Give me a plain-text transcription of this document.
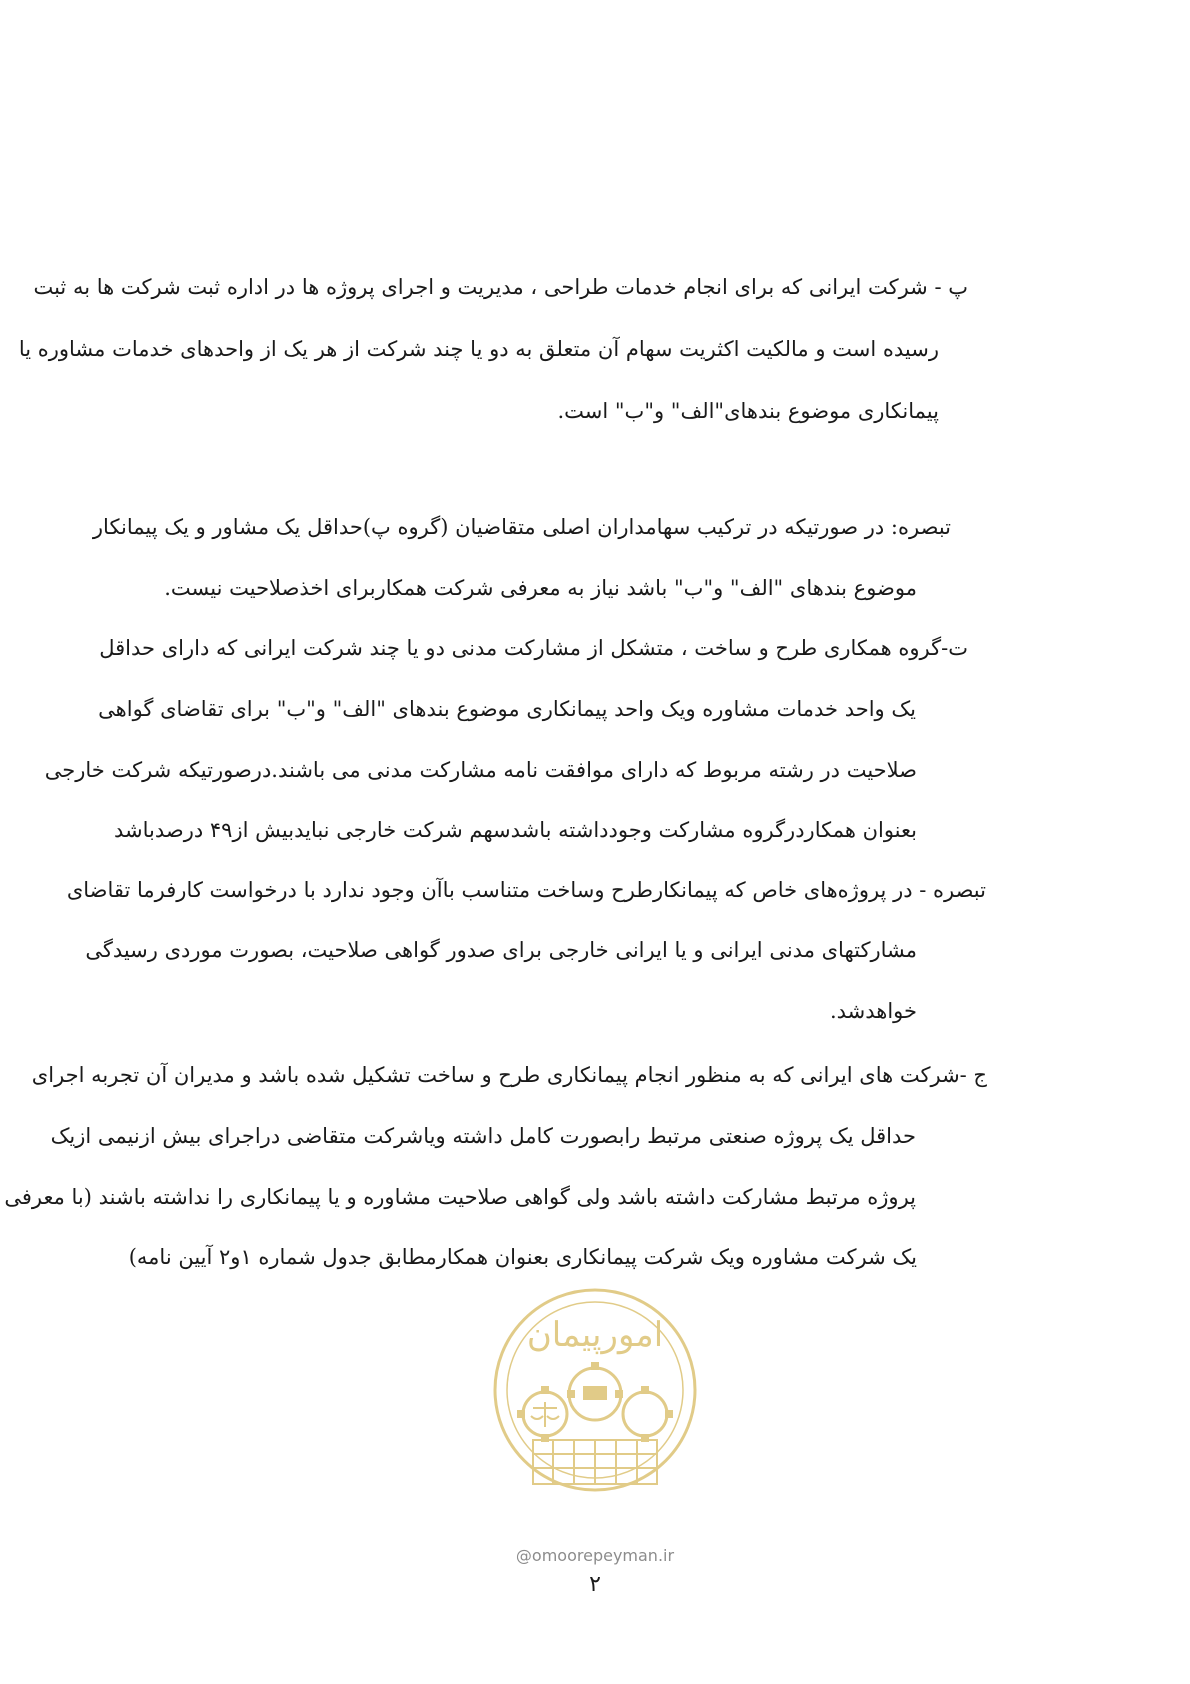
پ - شرکت ایرانی که برای انجام خدمات طراحی ، مدیریت و اجرای پروژه ها در اداره ثبت شرکت ها به ثبت
رسیده است و مالکیت اکثریت سهام آن متعلق به دو یا چند شرکت از هر یک از واحدهای خدمات مشاوره یا
پیمانکاری موضوع بندهای"الف" و"ب" است.
تبصره: در صورتیکه در ترکیب سهامداران اصلی متقاضیان (گروه پ)حداقل یک مشاور و یک پیمانکار
موضوع بندهای "الف" و"ب" باشد نیاز به معرفی شرکت همکاربرای اخذصلاحیت نیست.
ت-گروه همکاری طرح و ساخت ، متشکل از مشارکت مدنی دو یا چند شرکت ایرانی که دارای حداقل
یک واحد خدمات مشاوره ویک واحد پیمانکاری موضوع بندهای "الف" و"ب" برای تقاضای گواهی
صلاحیت در رشته مربوط که دارای موافقت نامه مشارکت مدنی می باشند.درصورتیکه شرکت خارجی
بعنوان همکاردرگروه مشارکت وجودداشته باشدسهم شرکت خارجی نبایدبیش از۴۹ درصدباشد
تبصره - در پروژه‌های خاص که پیمانکارطرح وساخت متناسب باآن وجود ندارد با درخواست کارفرما تقاضای
مشارکتهای مدنی ایرانی و یا ایرانی خارجی برای صدور گواهی صلاحیت، بصورت موردی رسیدگی
خواهدشد.
ج -شرکت های ایرانی که به منظور انجام پیمانکاری طرح و ساخت تشکیل شده باشد و مدیران آن تجربه اجرای
حداقل یک پروژه صنعتی مرتبط رابصورت کامل داشته ویاشرکت متقاضی دراجرای بیش ازنیمی ازیک
پروژه مرتبط مشارکت داشته باشد ولی گواهی صلاحیت مشاوره و یا پیمانکاری را نداشته باشند (با معرفی
یک شرکت مشاوره ویک شرکت پیمانکاری بعنوان همکارمطابق جدول شماره ۱و۲ آیین نامه)
امورپیمان
@omoorepeyman.ir
۲
